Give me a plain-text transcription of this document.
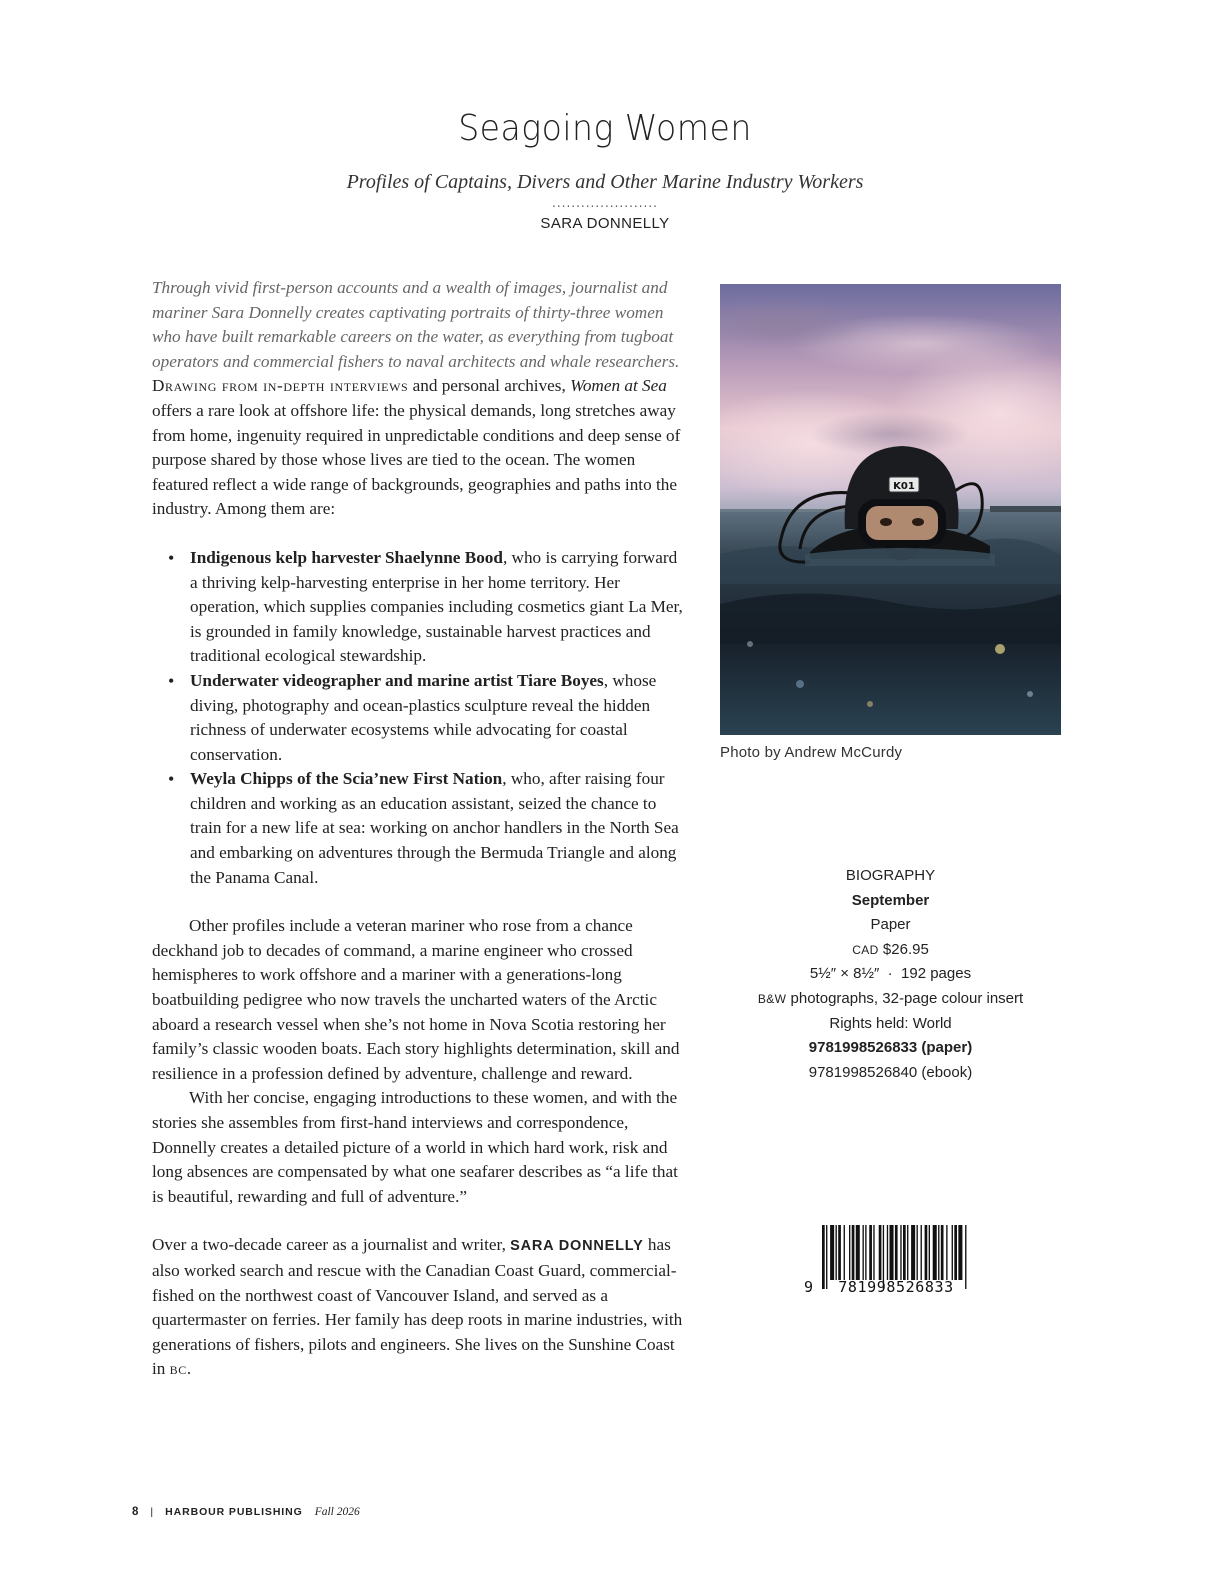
Seagoing Women
Profiles of Captains, Divers and Other Marine Industry Workers
......................
SARA DONNELLY

Through vivid first-person accounts and a wealth of images, journalist and mariner Sara Donnelly creates captivating portraits of thirty-three women who have built remarkable careers on the water, as everything from tugboat operators and commercial fishers to naval architects and whale researchers.

Drawing from in-depth interviews and personal archives, Women at Sea offers a rare look at offshore life: the physical demands, long stretches away from home, ingenuity required in unpredictable conditions and deep sense of purpose shared by those whose lives are tied to the ocean. The women featured reflect a wide range of backgrounds, geographies and paths into the industry. Among them are:

• Indigenous kelp harvester Shaelynne Bood, who is carrying forward a thriving kelp-harvesting enterprise in her home territory. Her operation, which supplies companies including cosmetics giant La Mer, is grounded in family knowledge, sustainable harvest practices and traditional ecological stewardship.
• Underwater videographer and marine artist Tiare Boyes, whose diving, photography and ocean-plastics sculpture reveal the hidden richness of underwater ecosystems while advocating for coastal conservation.
• Weyla Chipps of the Scia’new First Nation, who, after raising four children and working as an education assistant, seized the chance to train for a new life at sea: working on anchor handlers in the North Sea and embarking on adventures through the Bermuda Triangle and along the Panama Canal.

Other profiles include a veteran mariner who rose from a chance deckhand job to decades of command, a marine engineer who crossed hemispheres to work offshore and a mariner with a generations-long boatbuilding pedigree who now travels the uncharted waters of the Arctic aboard a research vessel when she’s not home in Nova Scotia restoring her family’s classic wooden boats. Each story highlights determination, skill and resilience in a profession defined by adventure, challenge and reward.

With her concise, engaging introductions to these women, and with the stories she assembles from first-hand interviews and correspondence, Donnelly creates a detailed picture of a world in which hard work, risk and long absences are compensated by what one seafarer describes as “a life that is beautiful, rewarding and full of adventure.”

Over a two-decade career as a journalist and writer, SARA DONNELLY has also worked search and rescue with the Canadian Coast Guard, commercial-fished on the northwest coast of Vancouver Island, and served as a quartermaster on ferries. Her family has deep roots in marine industries, with generations of fishers, pilots and engineers. She lives on the Sunshine Coast in bc.

K01
Photo by Andrew McCurdy
BIOGRAPHY
September
Paper
CAD $26.95
5½″ × 8½″  ·  192 pages
B&W photographs, 32-page colour insert
Rights held: World
9781998526833 (paper)
9781998526840 (ebook)
9 781998526833
8 | HARBOUR PUBLISHING Fall 2026
